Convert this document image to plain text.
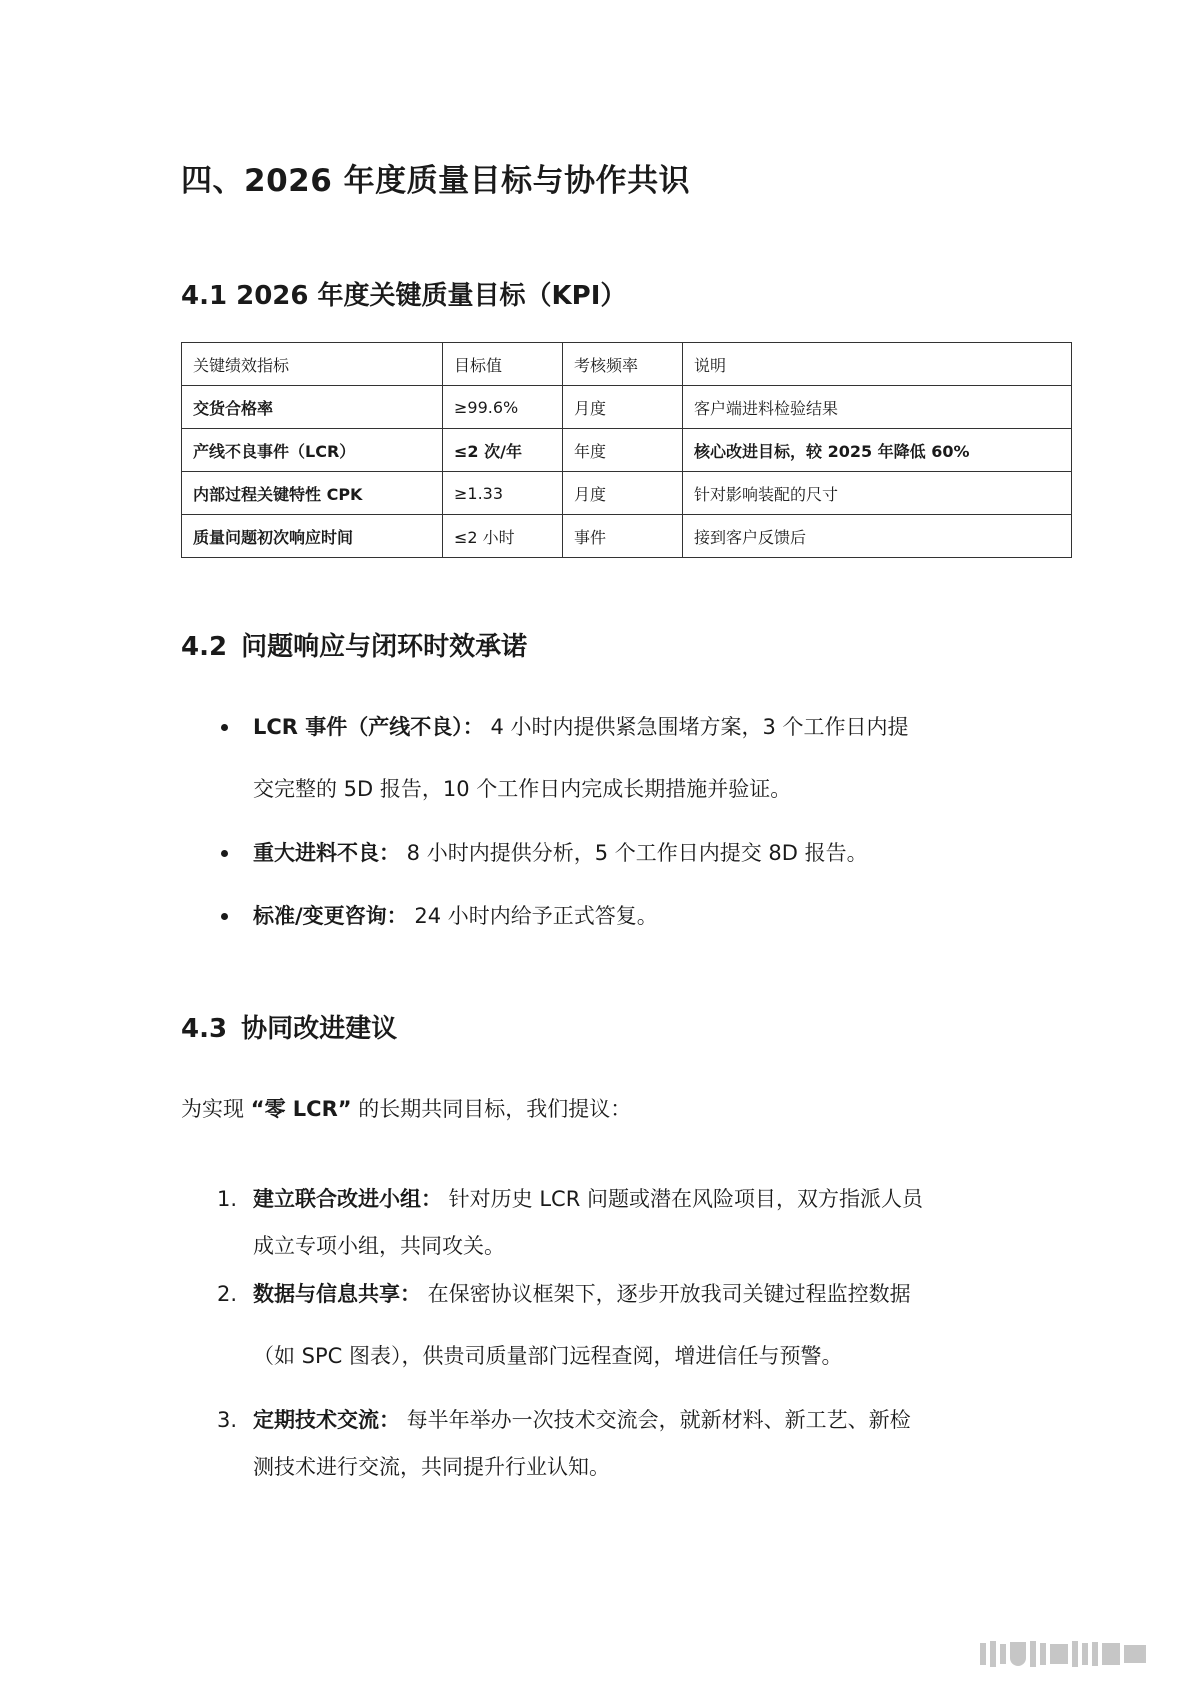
四、2026 年度质量目标与协作共识
4.1 2026 年度关键质量目标（KPI）
关键绩效指标	目标值	考核频率	说明
交货合格率	≥99.6%	月度	客户端进料检验结果
产线不良事件（LCR）	≤2 次/年	年度	核心改进目标，较 2025 年降低 60%
内部过程关键特性 CPK	≥1.33	月度	针对影响装配的尺寸
质量问题初次响应时间	≤2 小时	事件	接到客户反馈后
4.2 问题响应与闭环时效承诺
LCR 事件（产线不良）： 4 小时内提供紧急围堵方案，3 个工作日内提
交完整的 5D 报告，10 个工作日内完成长期措施并验证。
重大进料不良： 8 小时内提供分析，5 个工作日内提交 8D 报告。
标准/变更咨询： 24 小时内给予正式答复。
4.3 协同改进建议
为实现 “零 LCR” 的长期共同目标，我们提议：
1. 建立联合改进小组： 针对历史 LCR 问题或潜在风险项目，双方指派人员
成立专项小组，共同攻关。
2. 数据与信息共享： 在保密协议框架下，逐步开放我司关键过程监控数据
（如 SPC 图表），供贵司质量部门远程查阅，增进信任与预警。
3. 定期技术交流： 每半年举办一次技术交流会，就新材料、新工艺、新检
测技术进行交流，共同提升行业认知。
